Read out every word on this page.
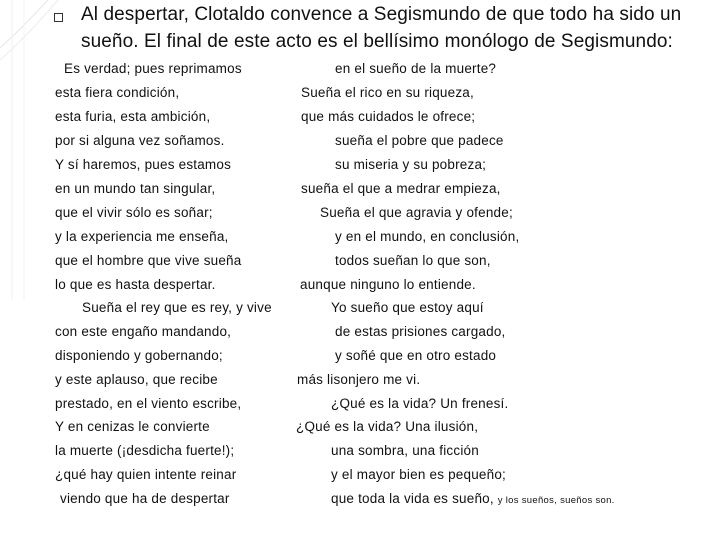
Al despertar, Clotaldo convence a Segismundo de que todo ha sido un
sueño. El final de este acto es el bellísimo monólogo de Segismundo:
Es verdad; pues reprimamos
esta fiera condición,
esta furia, esta ambición,
por si alguna vez soñamos.
Y sí haremos, pues estamos
en un mundo tan singular,
que el vivir sólo es soñar;
y la experiencia me enseña,
que el hombre que vive sueña
lo que es hasta despertar.
Sueña el rey que es rey, y vive
con este engaño mandando,
disponiendo y gobernando;
y este aplauso, que recibe
prestado, en el viento escribe,
Y en cenizas le convierte
la muerte (¡desdicha fuerte!);
¿qué hay quien intente reinar
viendo que ha de despertar
en el sueño de la muerte?
Sueña el rico en su riqueza,
que más cuidados le ofrece;
sueña el pobre que padece
su miseria y su pobreza;
sueña el que a medrar empieza,
Sueña el que agravia y ofende;
y en el mundo, en conclusión,
todos sueñan lo que son,
aunque ninguno lo entiende.
Yo sueño que estoy aquí
de estas prisiones cargado,
y soñé que en otro estado
más lisonjero me vi.
¿Qué es la vida? Un frenesí.
¿Qué es la vida? Una ilusión,
una sombra, una ficción
y el mayor bien es pequeño;
que toda la vida es sueño, y los sueños, sueños son.
